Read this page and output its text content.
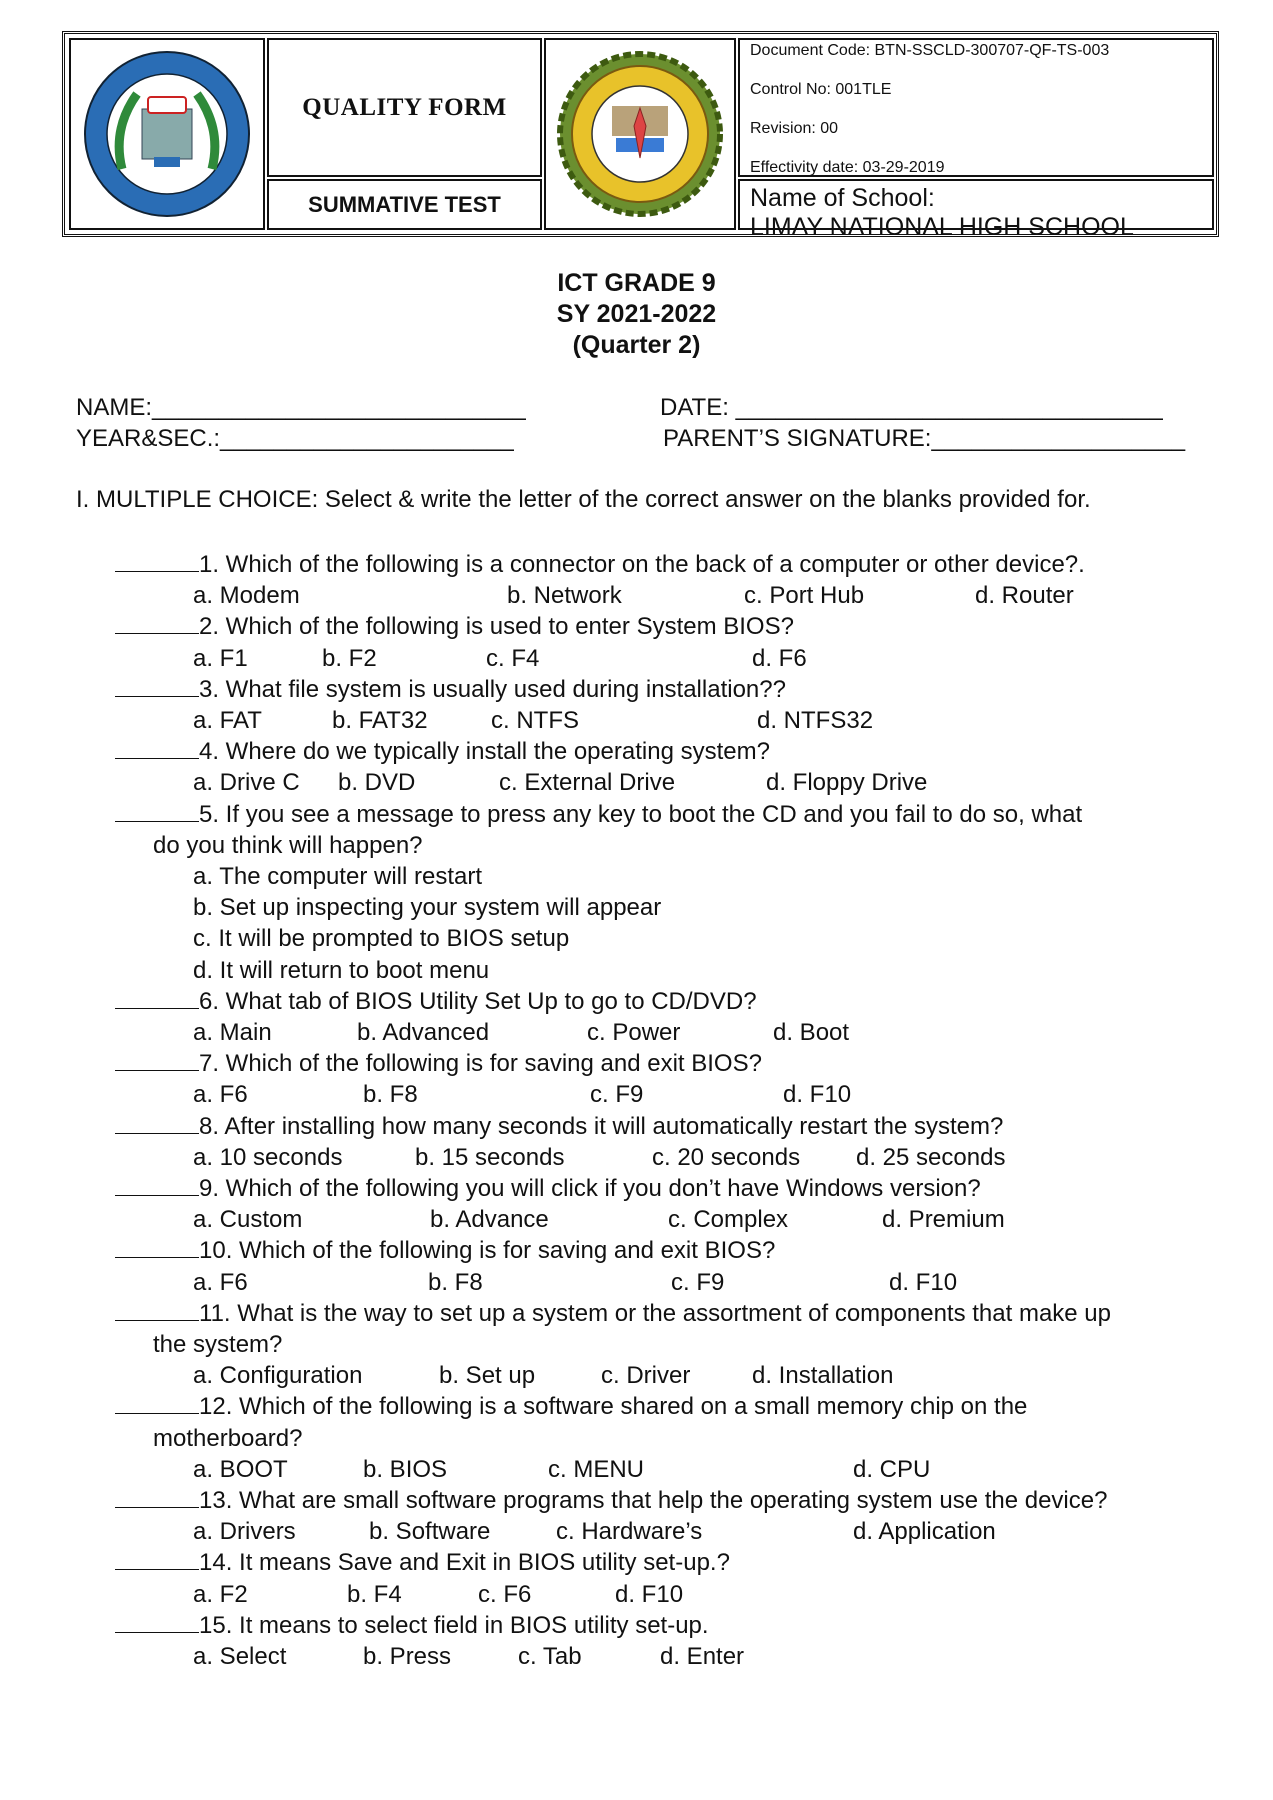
QUALITY FORM
SUMMATIVE TEST
Document Code: BTN-SSCLD-300707-QF-TS-003
Control No: 001TLE
Revision: 00
Effectivity date: 03-29-2019
Name of School:
LIMAY NATIONAL HIGH SCHOOL
ICT GRADE 9
SY 2021-2022
(Quarter 2)
NAME:____________________________	DATE: ________________________________
YEAR&SEC.:______________________	PARENT’S SIGNATURE:___________________
I. MULTIPLE CHOICE: Select & write the letter of the correct answer on the blanks provided for.
1. Which of the following is a connector on the back of a computer or other device?.
a. Modem	b. Network	c. Port Hub	d. Router
2. Which of the following is used to enter System BIOS?
a. F1	b. F2	c. F4	d. F6
3. What file system is usually used during installation??
a. FAT	b. FAT32	c. NTFS	d. NTFS32
4. Where do we typically install the operating system?
a. Drive C b. DVD	c. External Drive	d. Floppy Drive
5. If you see a message to press any key to boot the CD and you fail to do so, what
do you think will happen?
a. The computer will restart
b. Set up inspecting your system will appear
c. It will be prompted to BIOS setup
d. It will return to boot menu
6. What tab of BIOS Utility Set Up to go to CD/DVD?
a. Main	b. Advanced	c. Power	d. Boot
7. Which of the following is for saving and exit BIOS?
a. F6	b. F8	c. F9	d. F10
8. After installing how many seconds it will automatically restart the system?
a. 10 seconds	b. 15 seconds	c. 20 seconds d. 25 seconds
9. Which of the following you will click if you don’t have Windows version?
a. Custom	b. Advance	c. Complex	d. Premium
10. Which of the following is for saving and exit BIOS?
a. F6	b. F8	c. F9	d. F10
11. What is the way to set up a system or the assortment of components that make up
the system?
a. Configuration	b. Set up	c. Driver	d. Installation
12. Which of the following is a software shared on a small memory chip on the
motherboard?
a. BOOT	b. BIOS	c. MENU	d. CPU
13. What are small software programs that help the operating system use the device?
a. Drivers	b. Software	c. Hardware’s	d. Application
14. It means Save and Exit in BIOS utility set-up.?
a. F2	b. F4	c. F6	d. F10
15. It means to select field in BIOS utility set-up.
a. Select	b. Press	c. Tab	d. Enter
